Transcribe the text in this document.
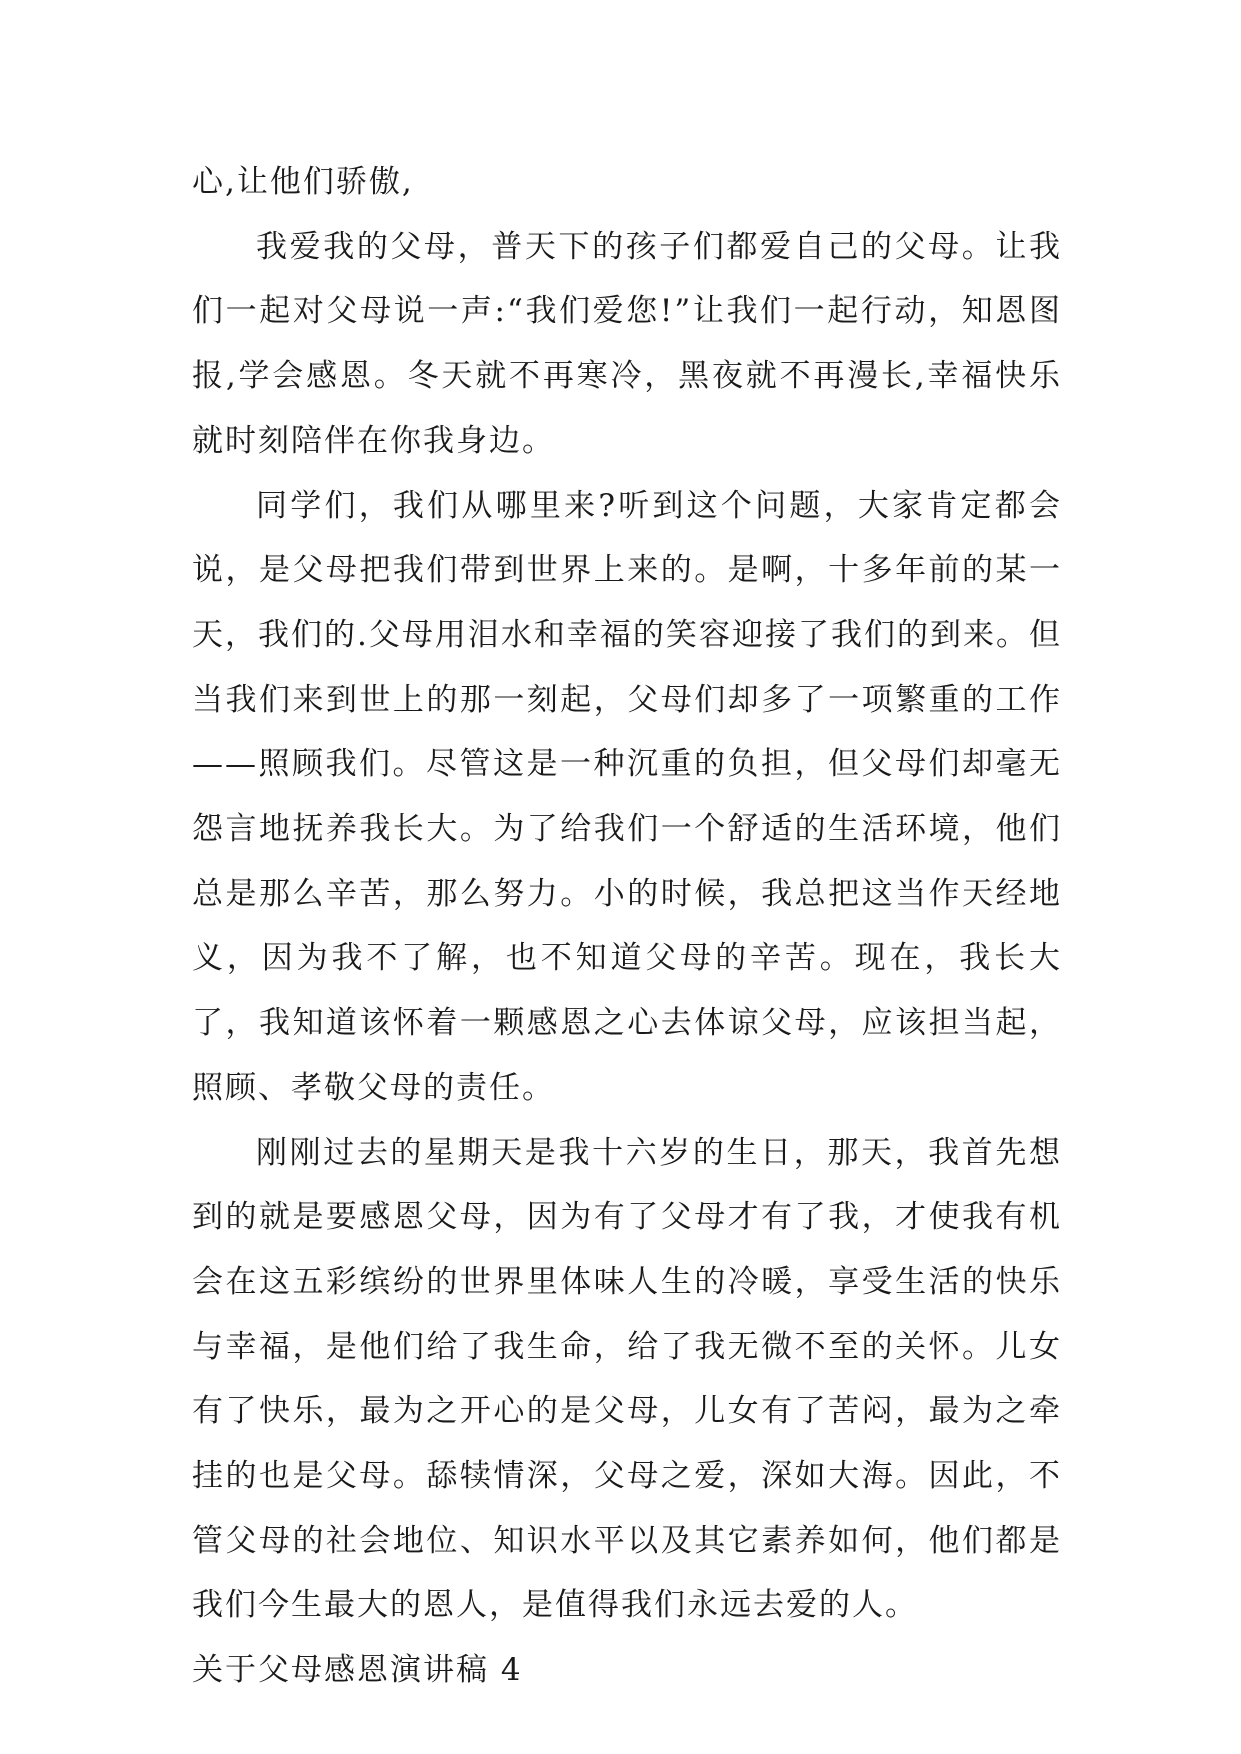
心,让他们骄傲,

我爱我的父母，普天下的孩子们都爱自己的父母。让我们一起对父母说一声:“我们爱您!”让我们一起行动，知恩图报,学会感恩。冬天就不再寒冷，黑夜就不再漫长,幸福快乐就时刻陪伴在你我身边。

同学们，我们从哪里来?听到这个问题，大家肯定都会说，是父母把我们带到世界上来的。是啊，十多年前的某一天，我们的.父母用泪水和幸福的笑容迎接了我们的到来。但当我们来到世上的那一刻起，父母们却多了一项繁重的工作——照顾我们。尽管这是一种沉重的负担，但父母们却毫无怨言地抚养我长大。为了给我们一个舒适的生活环境，他们总是那么辛苦，那么努力。小的时候，我总把这当作天经地义，因为我不了解，也不知道父母的辛苦。现在，我长大了，我知道该怀着一颗感恩之心去体谅父母，应该担当起，照顾、孝敬父母的责任。

刚刚过去的星期天是我十六岁的生日，那天，我首先想到的就是要感恩父母，因为有了父母才有了我，才使我有机会在这五彩缤纷的世界里体味人生的冷暖，享受生活的快乐与幸福，是他们给了我生命，给了我无微不至的关怀。儿女有了快乐，最为之开心的是父母，儿女有了苦闷，最为之牵挂的也是父母。舔犊情深，父母之爱，深如大海。因此，不管父母的社会地位、知识水平以及其它素养如何，他们都是我们今生最大的恩人，是值得我们永远去爱的人。

关于父母感恩演讲稿 4
